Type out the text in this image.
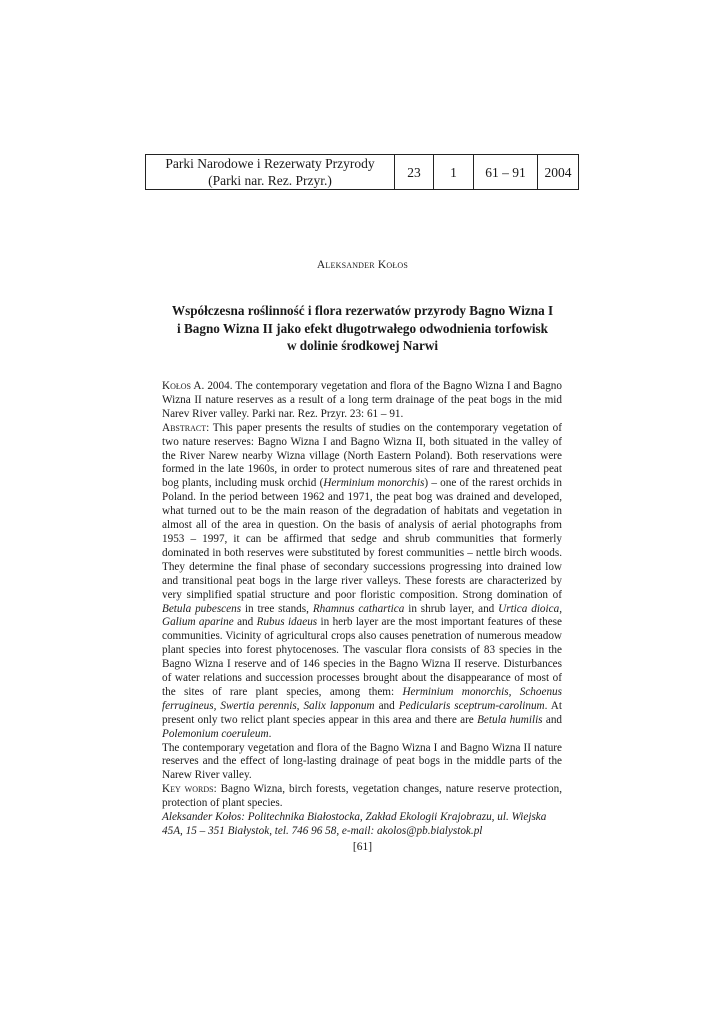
Parki Narodowe i Rezerwaty Przyrody
(Parki nar. Rez. Przyr.)
	23	1	61 – 91	2004
Aleksander Kołos
Współczesna roślinność i flora rezerwatów przyrody Bagno Wizna I
i Bagno Wizna II jako efekt długotrwałego odwodnienia torfowisk
w dolinie środkowej Narwi

Kołos A. 2004. The contemporary vegetation and flora of the Bagno Wizna I and Bagno Wizna II nature reserves as a result of a long term drainage of the peat bogs in the mid Narev River valley. Parki nar. Rez. Przyr. 23: 61 – 91.

Abstract: This paper presents the results of studies on the contemporary vegetation of two nature reserves: Bagno Wizna I and Bagno Wizna II, both situated in the valley of the River Narew nearby Wizna village (North Eastern Poland). Both reservations were formed in the late 1960s, in order to protect numerous sites of rare and threatened peat bog plants, including musk orchid (Herminium monorchis) – one of the rarest orchids in Poland. In the period between 1962 and 1971, the peat bog was drained and developed, what turned out to be the main reason of the degradation of habitats and vegetation in almost all of the area in question. On the basis of analysis of aerial photographs from 1953 – 1997, it can be affirmed that sedge and shrub communities that formerly dominated in both reserves were substituted by forest communities – nettle birch woods. They determine the final phase of secondary successions progressing into drained low and transitional peat bogs in the large river valleys. These forests are characterized by very simplified spatial structure and poor floristic composition. Strong domination of Betula pubescens in tree stands, Rhamnus cathartica in shrub layer, and Urtica dioica, Galium aparine and Rubus idaeus in herb layer are the most important features of these communities. Vicinity of agricultural crops also causes penetration of numerous meadow plant species into forest phytocenoses. The vascular flora consists of 83 species in the Bagno Wizna I reserve and of 146 species in the Bagno Wizna II reserve. Disturbances of water relations and succession processes brought about the disappearance of most of the sites of rare plant species, among them: Herminium monorchis, Schoenus ferrugineus, Swertia perennis, Salix lapponum and Pedicularis sceptrum-carolinum. At present only two relict plant species appear in this area and there are Betula humilis and Polemonium coeruleum.

The contemporary vegetation and flora of the Bagno Wizna I and Bagno Wizna II nature reserves and the effect of long-lasting drainage of peat bogs in the middle parts of the Narew River valley.

Key words: Bagno Wizna, birch forests, vegetation changes, nature reserve protection, protection of plant species.

Aleksander Kołos: Politechnika Białostocka, Zakład Ekologii Krajobrazu, ul. Wiejska 45A, 15 – 351 Białystok, tel. 746 96 58, e-mail: akolos@pb.bialystok.pl

[61]
